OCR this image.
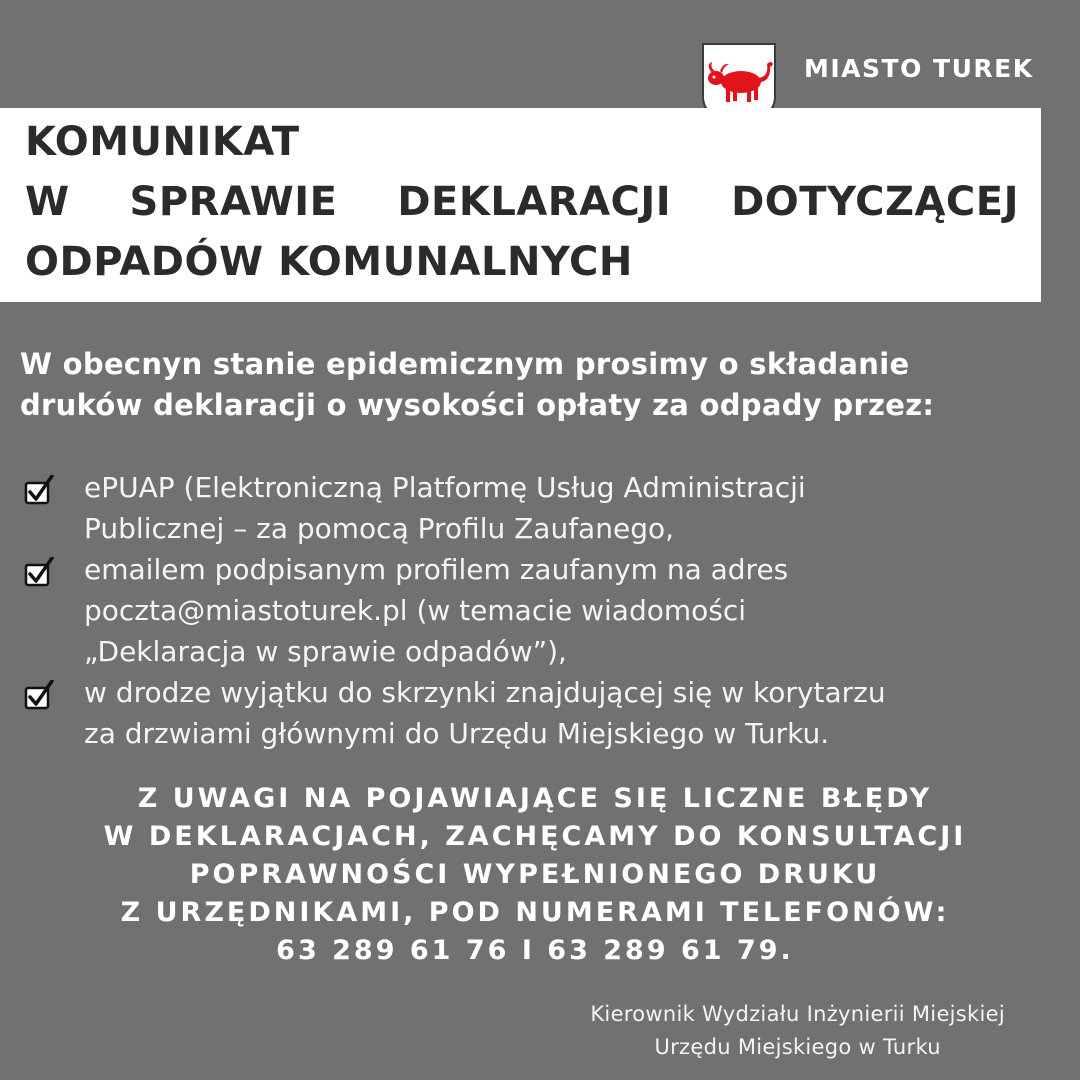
MIASTO TUREK
KOMUNIKAT
W SPRAWIE DEKLARACJI DOTYCZĄCEJ
ODPADÓW KOMUNALNYCH
W obecnyn stanie epidemicznym prosimy o składanie
druków deklaracji o wysokości opłaty za odpady przez:
ePUAP (Elektroniczną Platformę Usług Administracji
Publicznej – za pomocą Profilu Zaufanego,
emailem podpisanym profilem zaufanym na adres
poczta@miastoturek.pl (w temacie wiadomości
„Deklaracja w sprawie odpadów”),
w drodze wyjątku do skrzynki znajdującej się w korytarzu
za drzwiami głównymi do Urzędu Miejskiego w Turku.
Z UWAGI NA POJAWIAJĄCE SIĘ LICZNE BŁĘDY
W DEKLARACJACH, ZACHĘCAMY DO KONSULTACJI
POPRAWNOŚCI WYPEŁNIONEGO DRUKU
Z URZĘDNIKAMI, POD NUMERAMI TELEFONÓW:
63 289 61 76 I 63 289 61 79.
Kierownik Wydziału Inżynierii Miejskiej
Urzędu Miejskiego w Turku
